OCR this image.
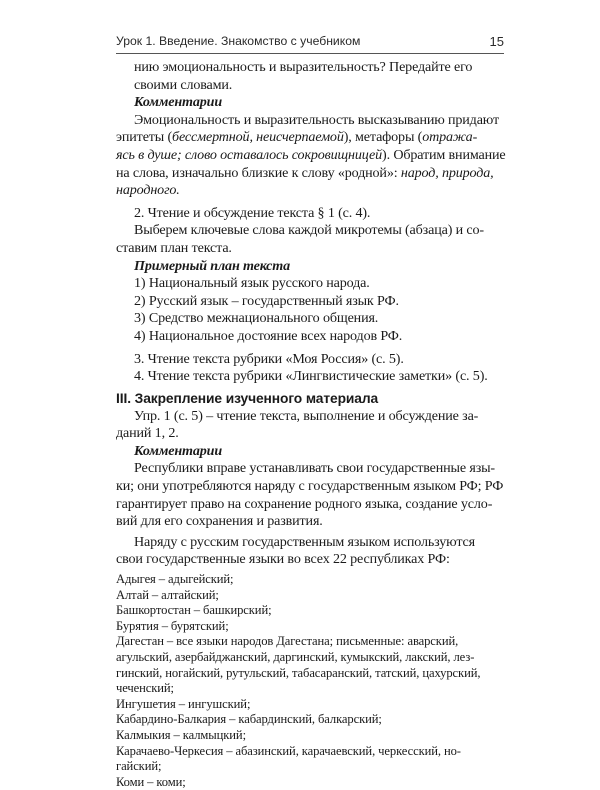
Урок 1. Введение. Знакомство с учебником	15
нию эмоциональность и выразительность? Передайте его
своими словами.
Комментарии
Эмоциональность и выразительность высказыванию придают
эпитеты (бессмертной, неисчерпаемой), метафоры (отража-
ясь в душе; слово оставалось сокровищницей). Обратим внимание
на слова, изначально близкие к слову «родной»: народ, природа,
народного.
2. Чтение и обсуждение текста § 1 (с. 4).
Выберем ключевые слова каждой микротемы (абзаца) и со-
ставим план текста.
Примерный план текста
1) Национальный язык русского народа.
2) Русский язык – государственный язык РФ.
3) Средство межнационального общения.
4) Национальное достояние всех народов РФ.
3. Чтение текста рубрики «Моя Россия» (с. 5).
4. Чтение текста рубрики «Лингвистические заметки» (с. 5).
III. Закрепление изученного материала
Упр. 1 (с. 5) – чтение текста, выполнение и обсуждение за-
даний 1, 2.
Комментарии
Республики вправе устанавливать свои государственные язы-
ки; они употребляются наряду с государственным языком РФ; РФ
гарантирует право на сохранение родного языка, создание усло-
вий для его сохранения и развития.
Наряду с русским государственным языком используются
свои государственные языки во всех 22 республиках РФ:
Адыгея – адыгейский;
Алтай – алтайский;
Башкортостан – башкирский;
Бурятия – бурятский;
Дагестан – все языки народов Дагестана; письменные: аварский,
агульский, азербайджанский, даргинский, кумыкский, лакский, лез-
гинский, ногайский, рутульский, табасаранский, татский, цахурский,
чеченский;
Ингушетия – ингушский;
Кабардино-Балкария – кабардинский, балкарский;
Калмыкия – калмыцкий;
Карачаево-Черкесия – абазинский, карачаевский, черкесский, но-
гайский;
Коми – коми;
